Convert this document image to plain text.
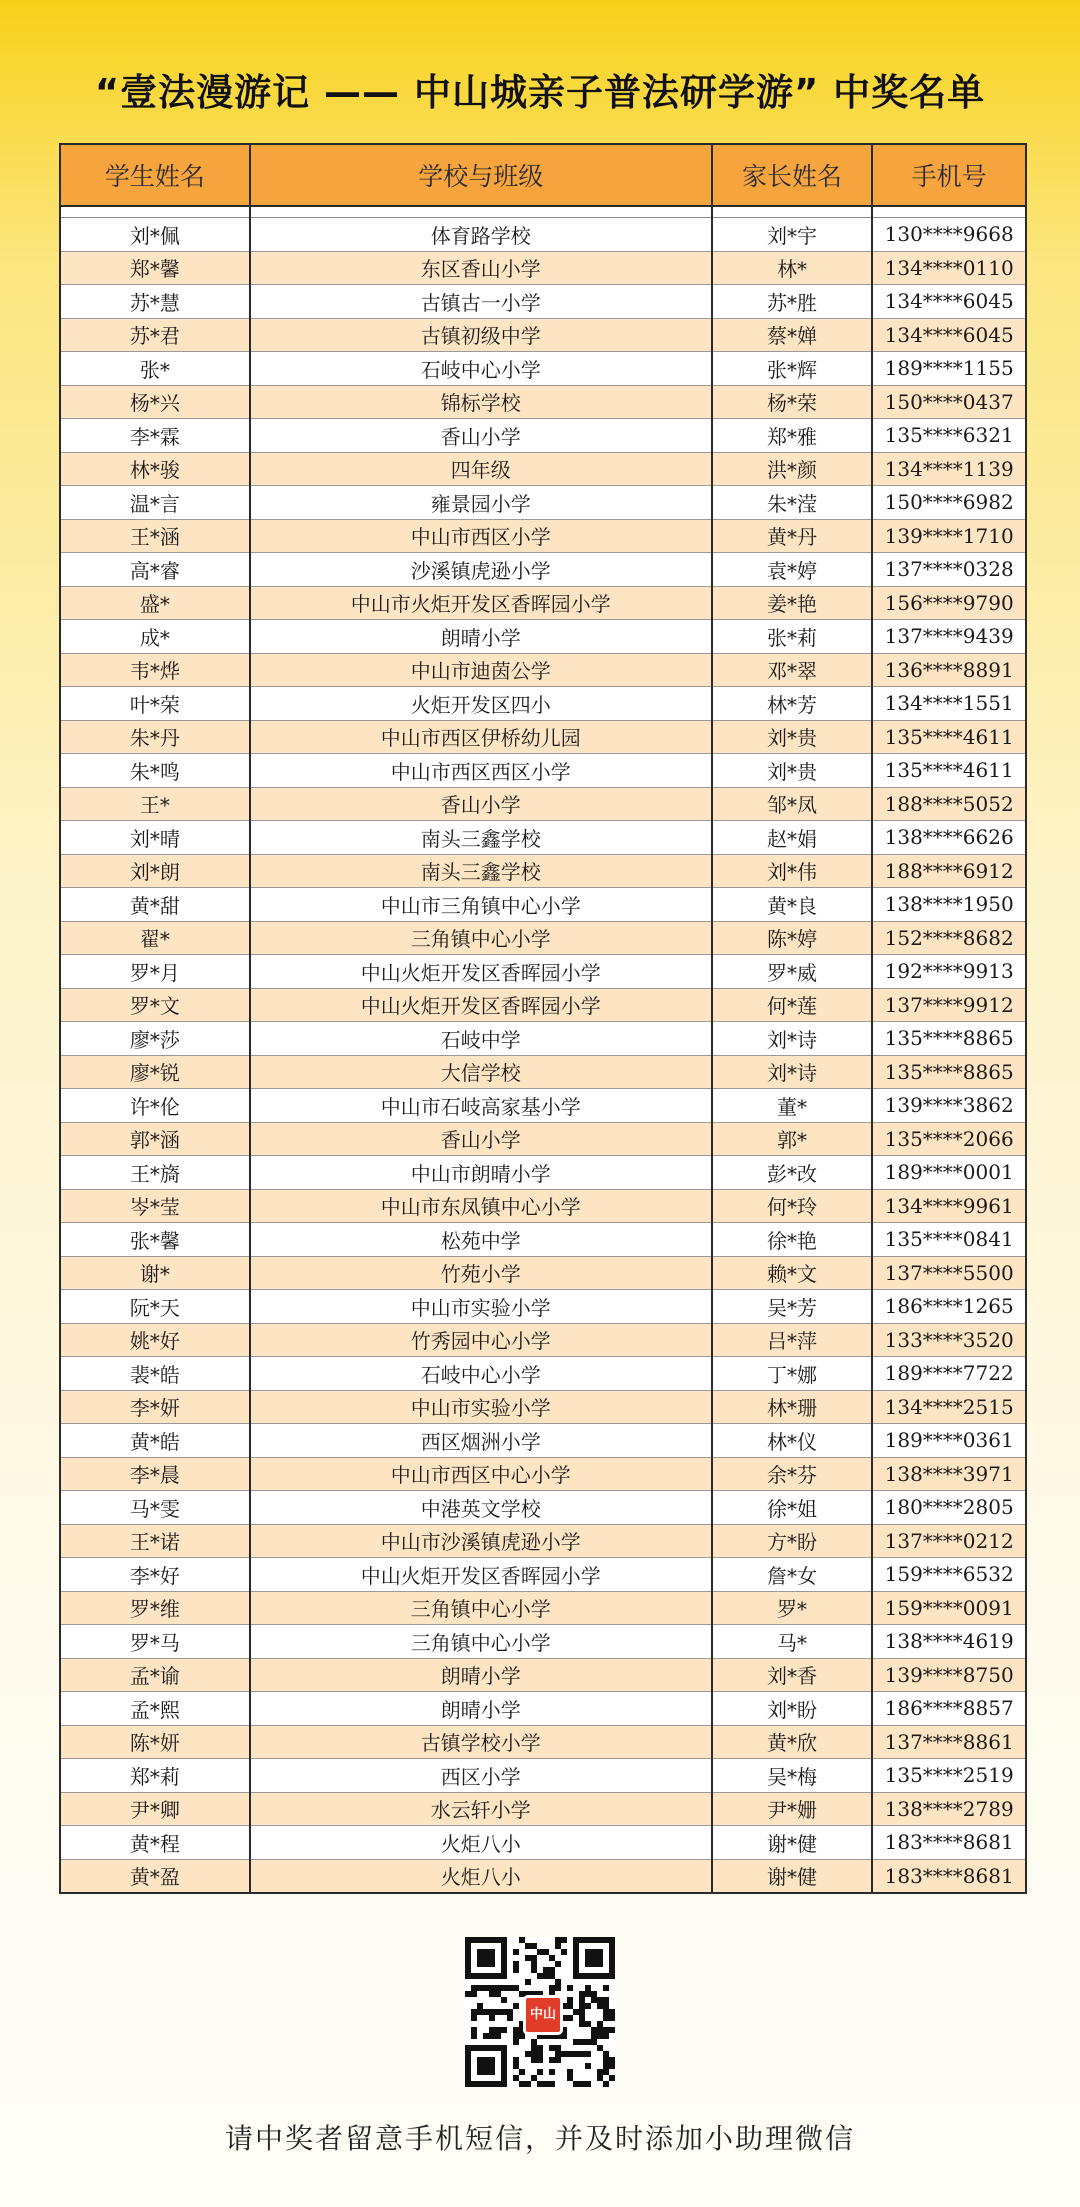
“壹法漫游记 —— 中山城亲子普法研学游” 中奖名单
学生姓名	学校与班级	家长姓名	手机号

刘*佩	体育路学校	刘*宇	130****9668
郑*馨	东区香山小学	林*	134****0110
苏*慧	古镇古一小学	苏*胜	134****6045
苏*君	古镇初级中学	蔡*婵	134****6045
张*	石岐中心小学	张*辉	189****1155
杨*兴	锦标学校	杨*荣	150****0437
李*霖	香山小学	郑*雅	135****6321
林*骏	四年级	洪*颜	134****1139
温*言	雍景园小学	朱*滢	150****6982
王*涵	中山市西区小学	黄*丹	139****1710
高*睿	沙溪镇虎逊小学	袁*婷	137****0328
盛*	中山市火炬开发区香晖园小学	姜*艳	156****9790
成*	朗晴小学	张*莉	137****9439
韦*烨	中山市迪茵公学	邓*翠	136****8891
叶*荣	火炬开发区四小	林*芳	134****1551
朱*丹	中山市西区伊桥幼儿园	刘*贵	135****4611
朱*鸣	中山市西区西区小学	刘*贵	135****4611
王*	香山小学	邹*凤	188****5052
刘*晴	南头三鑫学校	赵*娟	138****6626
刘*朗	南头三鑫学校	刘*伟	188****6912
黄*甜	中山市三角镇中心小学	黄*良	138****1950
翟*	三角镇中心小学	陈*婷	152****8682
罗*月	中山火炬开发区香晖园小学	罗*威	192****9913
罗*文	中山火炬开发区香晖园小学	何*莲	137****9912
廖*莎	石岐中学	刘*诗	135****8865
廖*锐	大信学校	刘*诗	135****8865
许*伦	中山市石岐高家基小学	董*	139****3862
郭*涵	香山小学	郭*	135****2066
王*旖	中山市朗晴小学	彭*改	189****0001
岑*莹	中山市东凤镇中心小学	何*玲	134****9961
张*馨	松苑中学	徐*艳	135****0841
谢*	竹苑小学	赖*文	137****5500
阮*天	中山市实验小学	吴*芳	186****1265
姚*好	竹秀园中心小学	吕*萍	133****3520
裴*皓	石岐中心小学	丁*娜	189****7722
李*妍	中山市实验小学	林*珊	134****2515
黄*皓	西区烟洲小学	林*仪	189****0361
李*晨	中山市西区中心小学	余*芬	138****3971
马*雯	中港英文学校	徐*姐	180****2805
王*诺	中山市沙溪镇虎逊小学	方*盼	137****0212
李*好	中山火炬开发区香晖园小学	詹*女	159****6532
罗*维	三角镇中心小学	罗*	159****0091
罗*马	三角镇中心小学	马*	138****4619
孟*谕	朗晴小学	刘*香	139****8750
孟*熙	朗晴小学	刘*盼	186****8857
陈*妍	古镇学校小学	黄*欣	137****8861
郑*莉	西区小学	吴*梅	135****2519
尹*卿	水云轩小学	尹*姗	138****2789
黄*程	火炬八小	谢*健	183****8681
黄*盈	火炬八小	谢*健	183****8681
中山
请中奖者留意手机短信，并及时添加小助理微信
